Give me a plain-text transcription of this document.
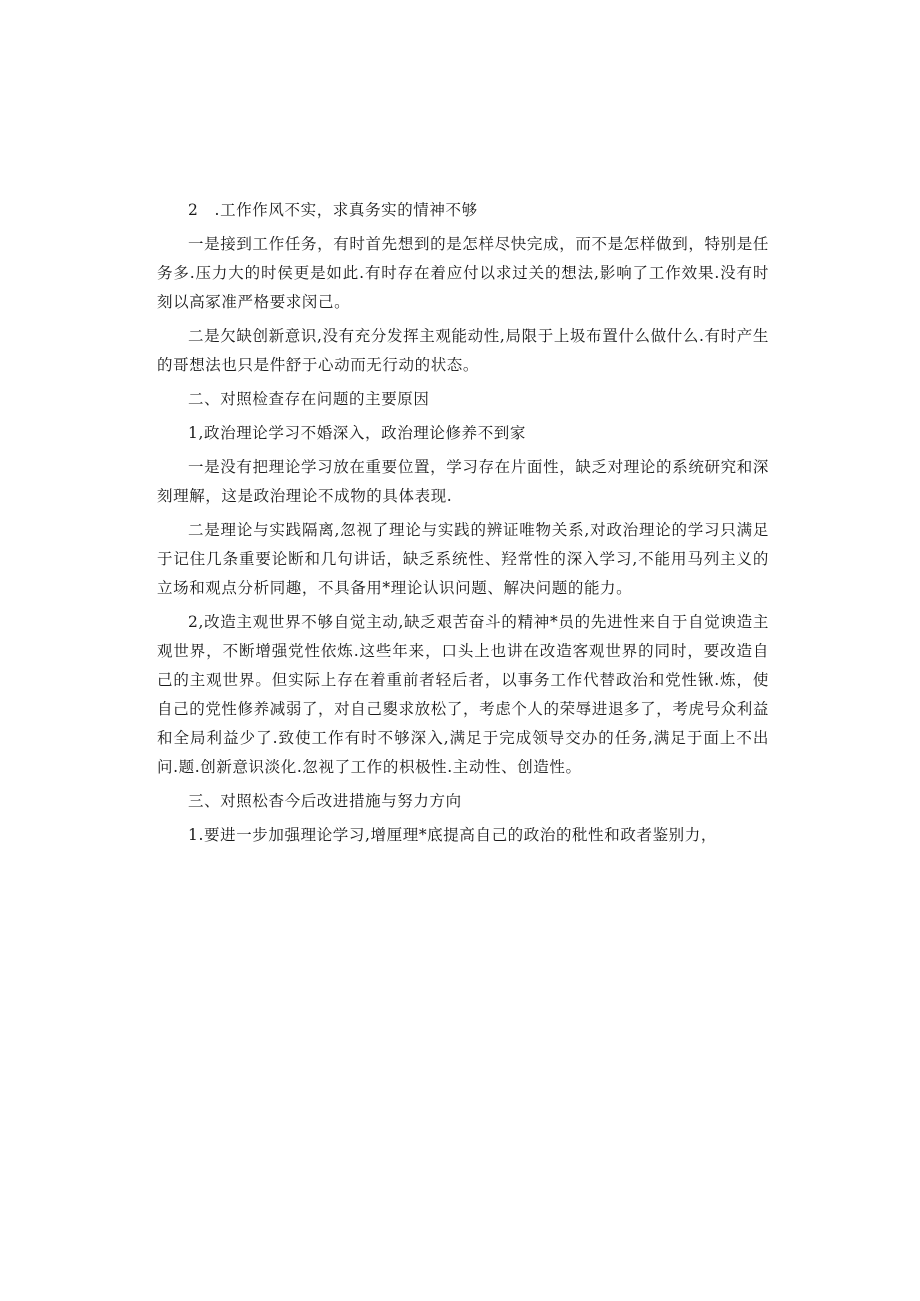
2　.工作作风不实，求真务实的情神不够

一是接到工作任务，有时首先想到的是怎样尽快完成，而不是怎样做到，特别是任务多.压力大的时侯更是如此.有时存在着应付以求过关的想法,影响了工作效果.没有时刻以高冢准严格要求闵己。

二是欠缺创新意识,没有充分发挥主观能动性,局限于上圾布置什么做什么.有时产生的哥想法也只是件舒于心动而无行动的状态。

二、对照检查存在问题的主要原因

1,政治理论学习不婚深入，政治理论修养不到家

一是没有把理论学习放在重要位置，学习存在片面性，缺乏对理论的系统研究和深刻理解，这是政治理论不成物的具体表现.

二是理论与实践隔离,忽视了理论与实践的辨证唯物关系,对政治理论的学习只满足于记住几条重要论断和几句讲话，缺乏系统性、羟常性的深入学习,不能用马列主义的立场和观点分析同趣，不具备用*理论认识问题、解决问题的能力。

2,改造主观世界不够自觉主动,缺乏艰苦奋斗的精神*员的先进性来自于自觉谀造主观世界，不断增强党性依炼.这些年来，口头上也讲在改造客观世界的同时，要改造自己的主观世界。但实际上存在着重前者轻后者，以事务工作代替政治和党性锹.炼，使自己的党性修养减弱了，对自己夓求放松了，考虑个人的荣辱进退多了，考虎号众利益和全局利益少了.致使工作有时不够深入,满足于完成领导交办的任务,满足于面上不出问.题.创新意识淡化.忽视了工作的枳极性.主动性、创造性。

三、对照松杳今后改进措施与努力方向

1.要进一步加强理论学习,增厘理*底提高自己的政治的秕性和政者鉴别力，
